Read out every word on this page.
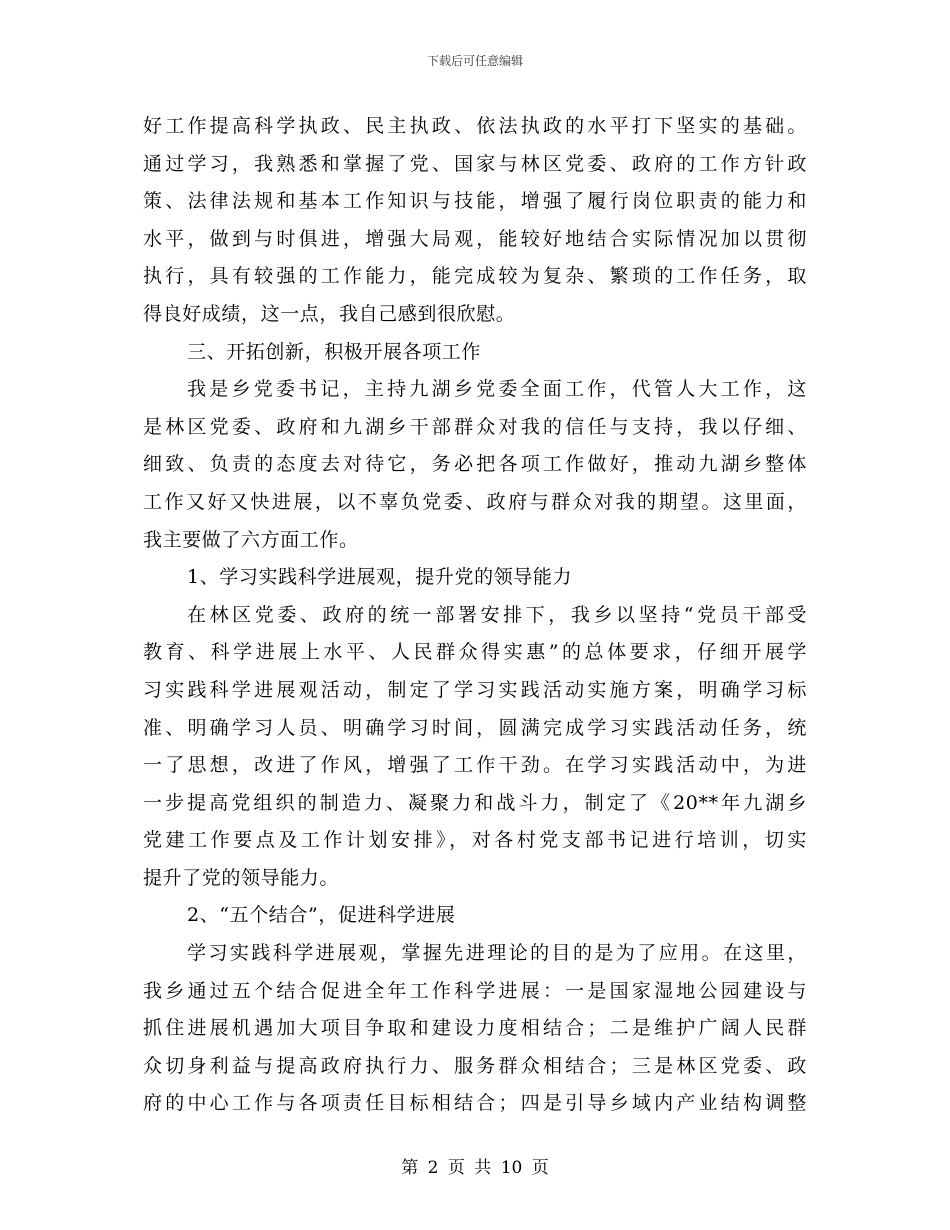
下载后可任意编辑
好工作提高科学执政、民主执政、依法执政的水平打下坚实的基础。
通过学习，我熟悉和掌握了党、国家与林区党委、政府的工作方针政
策、法律法规和基本工作知识与技能，增强了履行岗位职责的能力和
水平，做到与时俱进，增强大局观，能较好地结合实际情况加以贯彻
执行，具有较强的工作能力，能完成较为复杂、繁琐的工作任务，取
得良好成绩，这一点，我自己感到很欣慰。
三、开拓创新，积极开展各项工作
我是乡党委书记，主持九湖乡党委全面工作，代管人大工作，这
是林区党委、政府和九湖乡干部群众对我的信任与支持，我以仔细、
细致、负责的态度去对待它，务必把各项工作做好，推动九湖乡整体
工作又好又快进展，以不辜负党委、政府与群众对我的期望。这里面，
我主要做了六方面工作。
1、学习实践科学进展观，提升党的领导能力
在林区党委、政府的统一部署安排下，我乡以坚持“党员干部受
教育、科学进展上水平、人民群众得实惠”的总体要求，仔细开展学
习实践科学进展观活动，制定了学习实践活动实施方案，明确学习标
准、明确学习人员、明确学习时间，圆满完成学习实践活动任务，统
一了思想，改进了作风，增强了工作干劲。在学习实践活动中，为进
一步提高党组织的制造力、凝聚力和战斗力，制定了《20**年九湖乡
党建工作要点及工作计划安排》，对各村党支部书记进行培训，切实
提升了党的领导能力。
2、“五个结合”，促进科学进展
学习实践科学进展观，掌握先进理论的目的是为了应用。在这里，
我乡通过五个结合促进全年工作科学进展：一是国家湿地公园建设与
抓住进展机遇加大项目争取和建设力度相结合；二是维护广阔人民群
众切身利益与提高政府执行力、服务群众相结合；三是林区党委、政
府的中心工作与各项责任目标相结合；四是引导乡域内产业结构调整
第 2 页 共 10 页
